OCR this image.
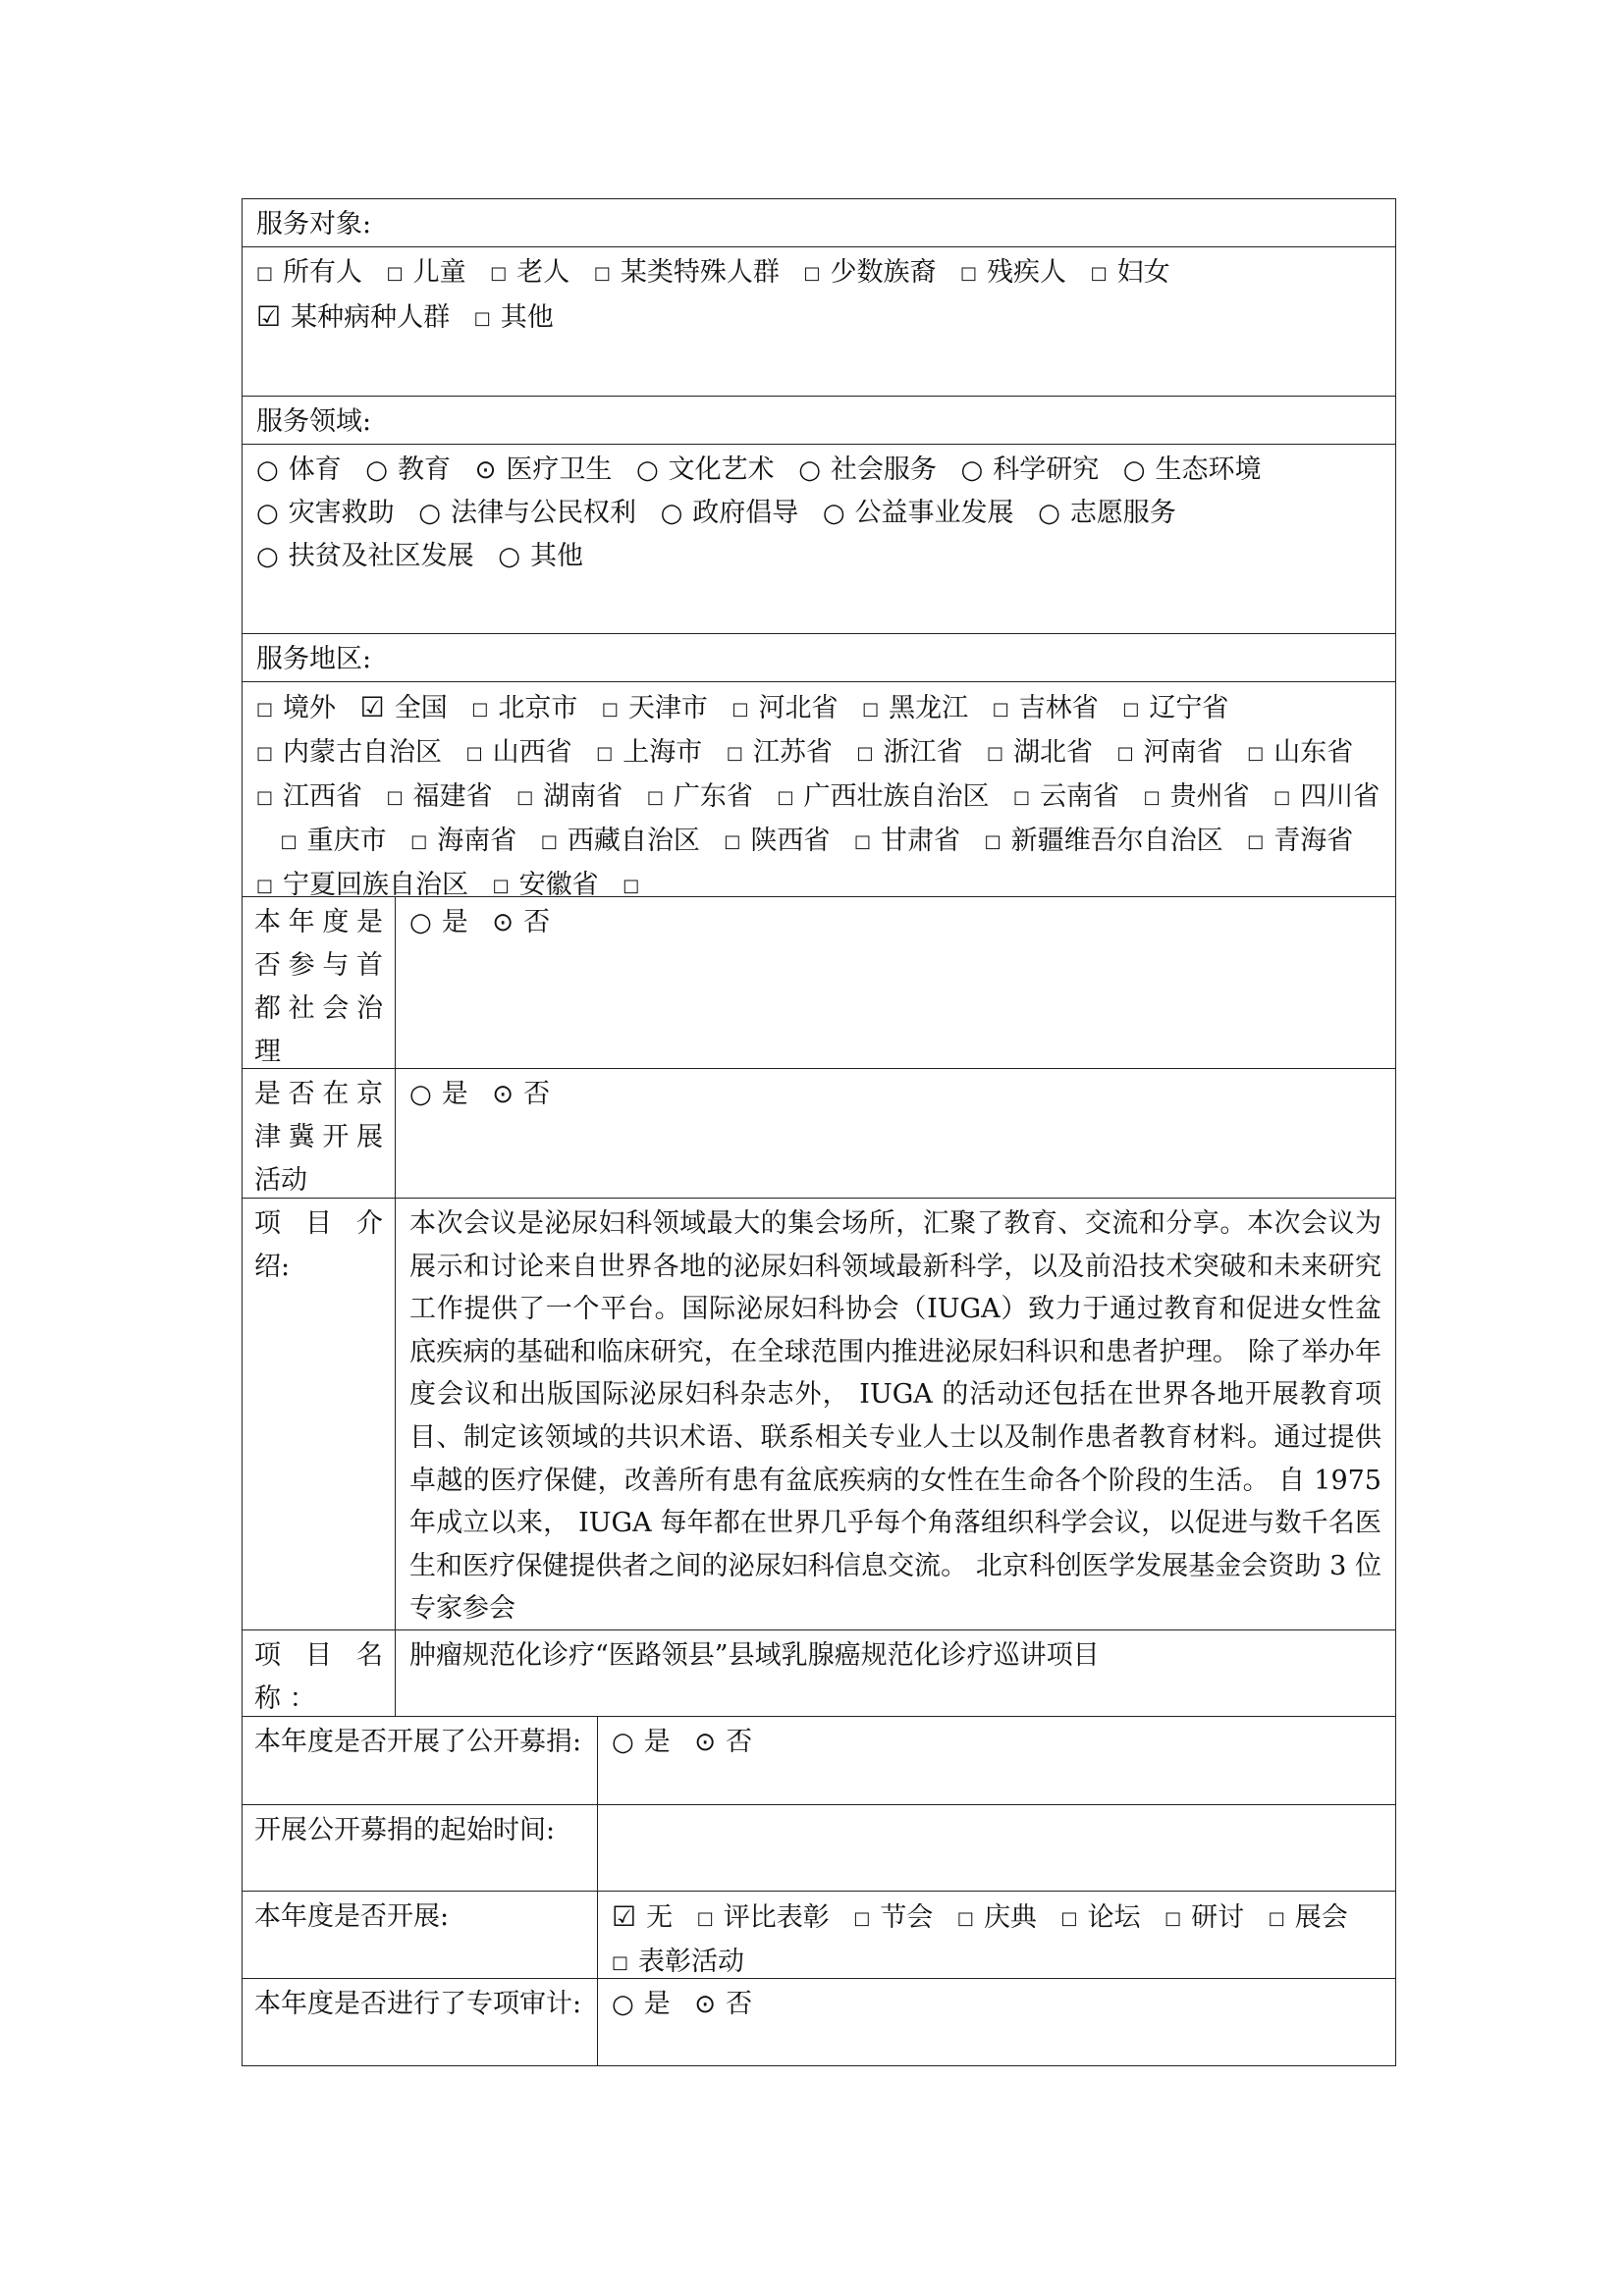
服务对象:
□ 所有人 □ 儿童 □ 老人 □ 某类特殊人群 □ 少数族裔 □ 残疾人 □ 妇女 ☑ 某种病种人群 □ 其他
服务领域:
○ 体育 ○ 教育 ⊙ 医疗卫生 ○ 文化艺术 ○ 社会服务 ○ 科学研究 ○ 生态环境 ○ 灾害救助 ○ 法律与公民权利 ○ 政府倡导 ○ 公益事业发展 ○ 志愿服务 ○ 扶贫及社区发展 ○ 其他
服务地区:
□ 境外 ☑ 全国 □ 北京市 □ 天津市 □ 河北省 □ 黑龙江 □ 吉林省 □ 辽宁省 □ 内蒙古自治区 □ 山西省 □ 上海市 □ 江苏省 □ 浙江省 □ 湖北省 □ 河南省 □ 山东省 □ 江西省 □ 福建省 □ 湖南省 □ 广东省 □ 广西壮族自治区 □ 云南省 □ 贵州省 □ 四川省 □ 重庆市 □ 海南省 □ 西藏自治区 □ 陕西省 □ 甘肃省 □ 新疆维吾尔自治区 □ 青海省 □ 宁夏回族自治区 □ 安徽省 □
本年度是否参与首都社会治理
○ 是 ⊙ 否
是否在京津冀开展活动
○ 是 ⊙ 否
项 目 介 绍:
本次会议是泌尿妇科领域最大的集会场所，汇聚了教育、交流和分享。本次会议为展示和讨论来自世界各地的泌尿妇科领域最新科学，以及前沿技术突破和未来研究工作提供了一个平台。国际泌尿妇科协会（IUGA）致力于通过教育和促进女性盆底疾病的基础和临床研究，在全球范围内推进泌尿妇科识和患者护理。 除了举办年度会议和出版国际泌尿妇科杂志外， IUGA 的活动还包括在世界各地开展教育项目、制定该领域的共识术语、联系相关专业人士以及制作患者教育材料。通过提供卓越的医疗保健，改善所有患有盆底疾病的女性在生命各个阶段的生活。 自 1975 年成立以来， IUGA 每年都在世界几乎每个角落组织科学会议，以促进与数千名医生和医疗保健提供者之间的泌尿妇科信息交流。 北京科创医学发展基金会资助 3 位专家参会
项 目 名 称 ：
肿瘤规范化诊疗“医路领县”县域乳腺癌规范化诊疗巡讲项目
本年度是否开展了公开募捐:	○ 是 ⊙ 否
开展公开募捐的起始时间:
本年度是否开展:	☑ 无 □ 评比表彰 □ 节会 □ 庆典 □ 论坛 □ 研讨 □ 展会 □ 表彰活动
本年度是否进行了专项审计:	○ 是 ⊙ 否
